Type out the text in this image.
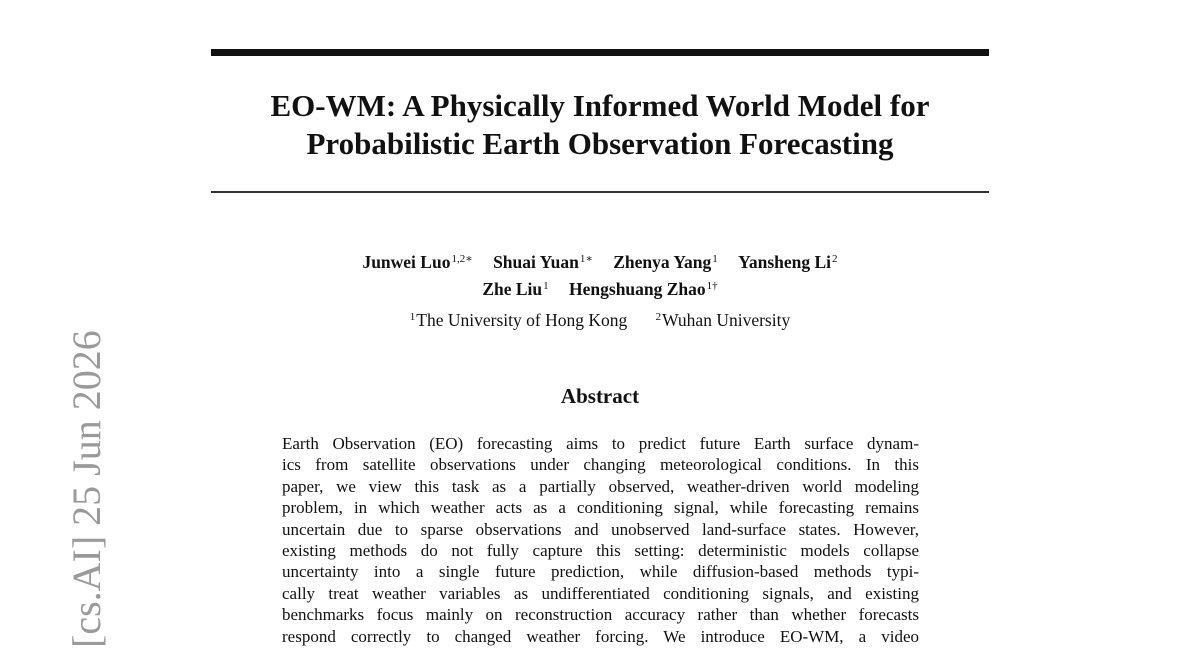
EO-WM: A Physically Informed World Model for
Probabilistic Earth Observation Forecasting
Junwei Luo$^{1,2∗}$ Shuai Yuan$^{1∗}$ Zhenya Yang$^1$ Yansheng Li$^2$
Zhe Liu$^1$ Hengshuang Zhao$^{1\dagger}$
$^1$The University of Hong Kong	$^2$Wuhan University
Abstract
Earth Observation (EO) forecasting aims to predict future Earth surface dynam-
ics from satellite observations under changing meteorological conditions. In this
paper, we view this task as a partially observed, weather-driven world modeling
problem, in which weather acts as a conditioning signal, while forecasting remains
uncertain due to sparse observations and unobserved land-surface states. However,
existing methods do not fully capture this setting: deterministic models collapse
uncertainty into a single future prediction, while diffusion-based methods typi-
cally treat weather variables as undifferentiated conditioning signals, and existing
benchmarks focus mainly on reconstruction accuracy rather than whether forecasts
respond correctly to changed weather forcing. We introduce EO-WM, a video
[cs.AI] 25 Jun 2026
